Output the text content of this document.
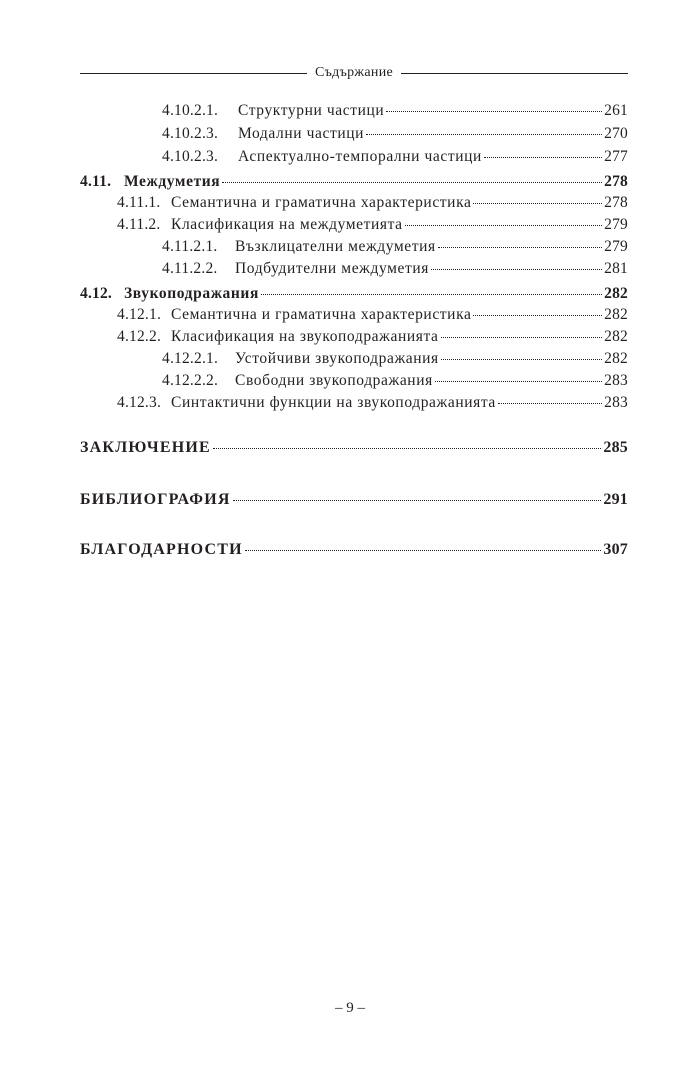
Съдържание
4.10.2.1.	Структурни частици	261
4.10.2.3.	Модални частици	270
4.10.2.3.	Аспектуално-темпорални частици	277
4.11. Междуметия	278
4.11.1. Семантична и граматична характеристика	278
4.11.2. Класификация на междуметията	279
4.11.2.1.	Възклицателни междуметия	279
4.11.2.2.	Подбудителни междуметия	281
4.12. Звукоподражания	282
4.12.1. Семантична и граматична характеристика	282
4.12.2. Класификация на звукоподражанията	282
4.12.2.1.	Устойчиви звукоподражания	282
4.12.2.2.	Свободни звукоподражания	283
4.12.3. Синтактични функции на звукоподражанията	283
ЗАКЛЮЧЕНИЕ	285
БИБЛИОГРАФИЯ	291
БЛАГОДАРНОСТИ	307
– 9 –
